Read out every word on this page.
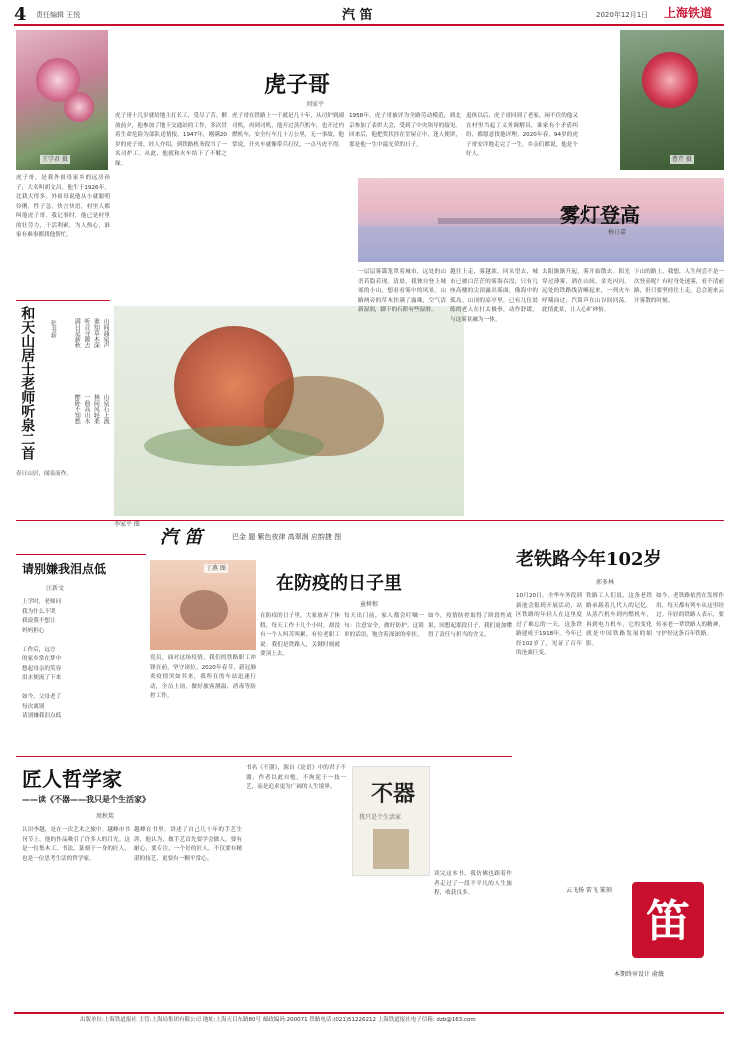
4 责任编辑 王悦	汽 笛	2020年12月1日 上海铁道
王学君 摄
虎子哥
刘家平
虎子哥，是我外祖母家乡的远房孙子，大名叫胡文昌，他生于1926年，比我大得多，外祖母说他从小就聪明伶俐，性子急，快言快语，村里人都叫他虎子哥。我记事时，他已是村里的壮劳力，干活利索，为人热心，谁家有难事都找他帮忙。
虎子哥十几岁就给地主扛长工，受尽了苦。解放前夕，他参加了地下交通站的工作，多次冒着生命危险为部队送情报。1947年，刚满20岁的虎子哥，经人介绍，到铁路机务段当了一名司炉工。从此，他就和火车结下了不解之缘。
虎子哥在铁路上一干就是几十年，从司炉到副司机，再到司机，他开过蒸汽机车，也开过内燃机车，安全行车几十万公里，无一事故。他常说，开火车就像带兵打仗，一点马虎不得。
1958年，虎子哥被评为全路劳动模范，到北京参加了表彰大会，受到了中央领导的接见。回来后，他把奖状挂在堂屋正中，逢人便讲，那是他一生中最光荣的日子。
退休以后，虎子哥回到了老家，闲不住的他又在村里当起了义务调解员，谁家有个矛盾纠纷，都愿意找他评理。2020年春，94岁的虎子哥安详地走完了一生，乡亲们都说，他是个好人。
曹芹 摄
和天山居士老师听泉二首	张书新	山间涌泉声
谁知草木深
听音寻源去
满目是新秋
山泉石上流
林间风轻柔
一曲高山水
醉卧不知愁
春日山居，闻泉而作。
李家平 图
雾灯登高
杨日嘉
一层层雾霭笼罩着城市，远处的山峦若隐若现。清晨，我独自登上城郊的小山，想看看雾中的风景。山路两旁的草木挂满了露珠，空气清新湿润，脚下的石阶有些湿滑。
越往上走，雾越浓。回头望去，城市已被白茫茫的雾海吞没，只有几座高楼的尖顶露出雾面，像海中的孤岛。山顶的凉亭里，已有几位晨练的老人在打太极拳，动作舒缓，与这雾景融为一体。
太阳渐渐升起，雾开始散去。阳光穿过薄雾，洒在山间，金光闪闪。远处的铁路线清晰起来，一列火车呼啸而过，汽笛声在山谷间回荡。此情此景，让人心旷神怡。
下山的路上，我想，人生何尝不是一次登高呢？有时身处迷雾，看不清前路，但只要坚持往上走，总会迎来云开雾散的时刻。
汽 笛	巴金 题 紫色夜律 高翠润 应韵捷 图
老铁路今年102岁
郭多林
10月20日，全华车务段到新池会报到开展活动，站区铁路的年轻人在这里度过了难忘的一天。这条铁路建成于1918年，今年已经102岁了，见证了百年的沧桑巨变。
铁路工人们说，这条老铁路承载着几代人的记忆。从蒸汽机车到内燃机车，再到电力机车，它的变化就是中国铁路发展的缩影。
如今，老铁路依然在发挥作用，每天都有列车从这里经过。年轻的铁路人表示，要传承老一辈铁路人的精神，守护好这条百年铁路。
请别嫌我泪点低
汪新文
上学时，老师问
我为什么不哭
我说我不想让
妈妈担心

工作后，远方
的家乡常在梦中
想起母亲的笑容
泪水便流了下来

如今，父母老了
每次离别
请别嫌我泪点低
丁燕 图
在防疫的日子里
童树根
党员，面对这场疫情，我们的铁路职工冲锋在前，坚守岗位。2020年春节，新冠肺炎疫情突如其来，我所在的车站迅速行动，全员上岗，做好旅客测温、消毒等防控工作。
在防疫的日子里，大家放弃了休假，每天工作十几个小时，却没有一个人叫苦叫累。有位老职工说：我们是铁路人，关键时刻就要顶上去。
每天出门前，家人都会叮嘱一句：注意安全，做好防护。这简单的话语，饱含着深深的牵挂。
如今，疫情防控取得了阶段性成果，回想起那段日子，我们更加懂得了责任与担当的含义。
匠人哲学家
——读《不器——我只是个生活家》
周秋琰
认识李越，是在一次艺术之旅中。越峰市书刊节上，他的作品吸引了许多人的目光。这是一位集木工、书法、篆刻于一身的匠人，也是一位思考生活的哲学家。
越峰在书里，讲述了自己几十年的手艺生涯，他认为，做手艺首先要学会做人，要有耐心，要专注。一个好的匠人，不仅要有精湛的技艺，更要有一颗平常心。
书名《不器》，源自《论语》中的君子不器，作者以此自勉，不拘泥于一技一艺，而是追求更为广阔的人生境界。
读完这本书，我仿佛也跟着作者走过了一段不平凡的人生旅程，收获良多。
不器
我只是个生活家
笛
云飞扬 雷飞 篆刻
本期终审设计 俞薇
出版单位:上海铁道报社 主管:上海局集团有限公司 地址:上海天目东路80号 邮政编码:200071 铁路电话:(021)51226212 上海铁道报社电子信箱: dzb@163.com
